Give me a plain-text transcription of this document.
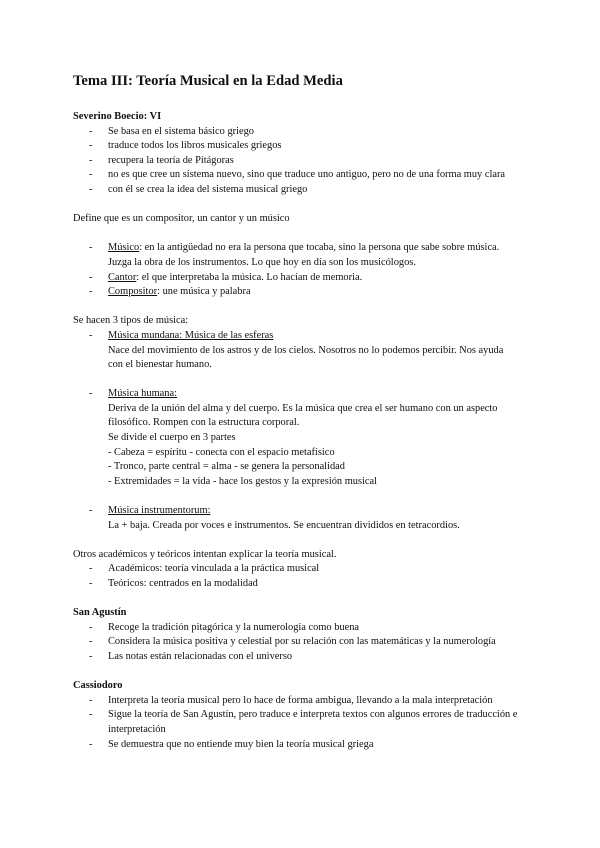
Tema III: Teoría Musical en la Edad Media

Severino Boecio: VI

- Se basa en el sistema básico griego
- traduce todos los libros musicales griegos
- recupera la teoría de Pitágoras
- no es que cree un sistema nuevo, sino que traduce uno antiguo, pero no de una forma muy clara
- con él se crea la idea del sistema musical griego

Define que es un compositor, un cantor y un músico

- Músico: en la antigüedad no era la persona que tocaba, sino la persona que sabe sobre música. Juzga la obra de los instrumentos. Lo que hoy en día son los musicólogos.
- Cantor: el que interpretaba la música. Lo hacían de memoria.
- Compositor: une música y palabra

Se hacen 3 tipos de música:

- Música mundana: Música de las esferas

Nace del movimiento de los astros y de los cielos. Nosotros no lo podemos percibir. Nos ayuda con el bienestar humano.

- Música humana:

Deriva de la unión del alma y del cuerpo. Es la música que crea el ser humano con un aspecto filosófico. Rompen con la estructura corporal.

Se divide el cuerpo en 3 partes

- Cabeza = espíritu - conecta con el espacio metafísico

- Tronco, parte central = alma - se genera la personalidad

- Extremidades = la vida - hace los gestos y la expresión musical

- Música instrumentorum:

La + baja. Creada por voces e instrumentos. Se encuentran divididos en tetracordios.

Otros académicos y teóricos intentan explicar la teoría musical.

- Académicos: teoría vinculada a la práctica musical
- Teóricos: centrados en la modalidad

San Agustín

- Recoge la tradición pitagórica y la numerología como buena
- Considera la música positiva y celestial por su relación con las matemáticas y la numerología
- Las notas están relacionadas con el universo

Cassiodoro

- Interpreta la teoría musical pero lo hace de forma ambigua, llevando a la mala interpretación
- Sigue la teoría de San Agustín, pero traduce e interpreta textos con algunos errores de traducción e interpretación
- Se demuestra que no entiende muy bien la teoría musical griega
